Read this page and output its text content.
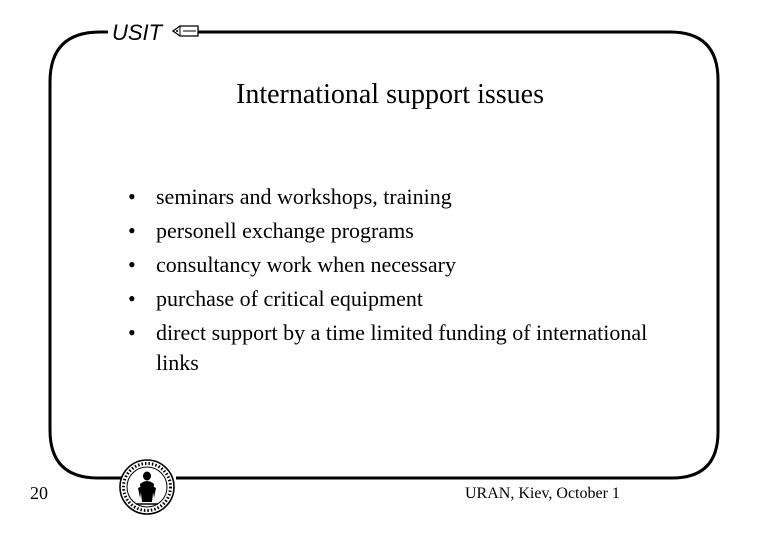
USIT
International support issues
• seminars and workshops, training
• personell exchange programs
• consultancy work when necessary
• purchase of critical equipment
• direct support by a time limited funding of international links
20	URAN, Kiev, October 1
